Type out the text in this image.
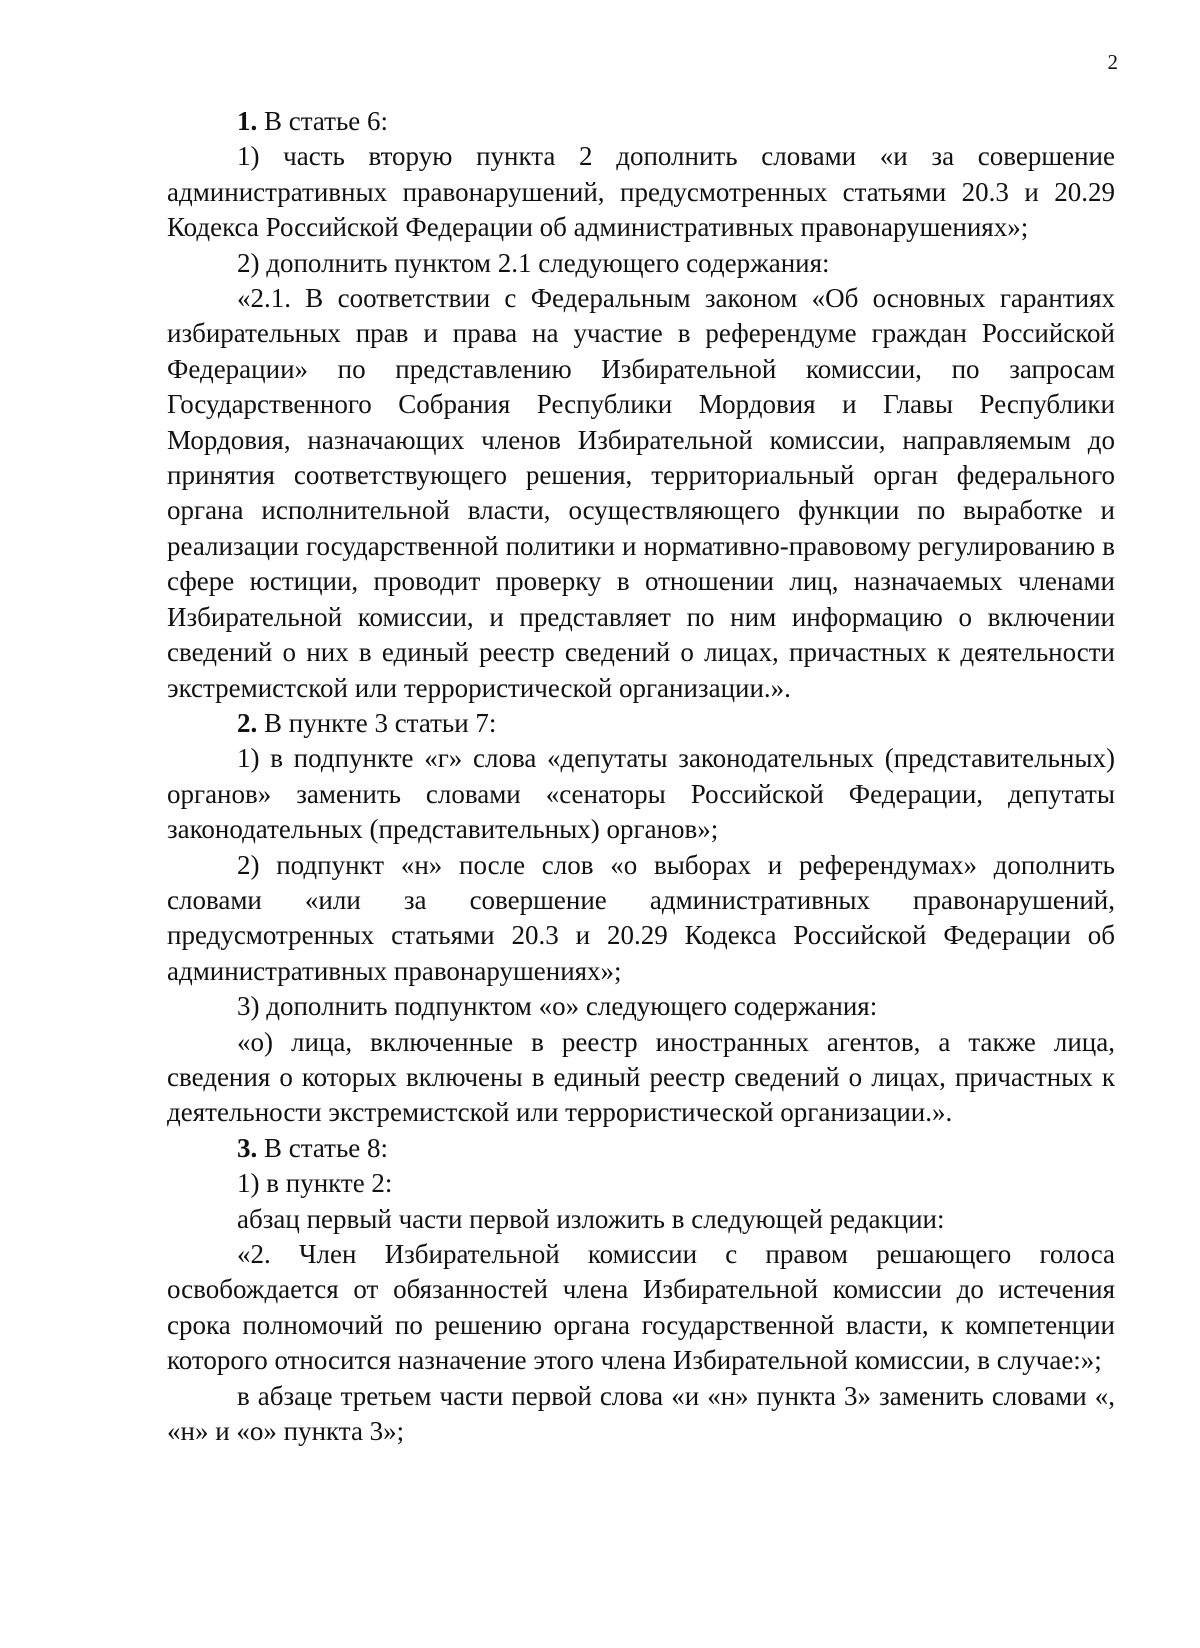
2

1. В статье 6:

1) часть вторую пункта 2 дополнить словами «и за совершение административных правонарушений, предусмотренных статьями 20.3 и 20.29 Кодекса Российской Федерации об административных правонарушениях»;

2) дополнить пунктом 2.1 следующего содержания:

«2.1. В соответствии с Федеральным законом «Об основных гарантиях избирательных прав и права на участие в референдуме граждан Российской Федерации» по представлению Избирательной комиссии, по запросам Государственного Собрания Республики Мордовия и Главы Республики Мордовия, назначающих членов Избирательной комиссии, направляемым до принятия соответствующего решения, территориальный орган федерального органа исполнительной власти, осуществляющего функции по выработке и реализации государственной политики и нормативно-правовому регулированию в сфере юстиции, проводит проверку в отношении лиц, назначаемых членами Избирательной комиссии, и представляет по ним информацию о включении сведений о них в единый реестр сведений о лицах, причастных к деятельности экстремистской или террористической организации.».

2. В пункте 3 статьи 7:

1) в подпункте «г» слова «депутаты законодательных (представительных) органов» заменить словами «сенаторы Российской Федерации, депутаты законодательных (представительных) органов»;

2) подпункт «н» после слов «о выборах и референдумах» дополнить словами «или за совершение административных правонарушений, предусмотренных статьями 20.3 и 20.29 Кодекса Российской Федерации об административных правонарушениях»;

3) дополнить подпунктом «о» следующего содержания:

«о) лица, включенные в реестр иностранных агентов, а также лица, сведения о которых включены в единый реестр сведений о лицах, причастных к деятельности экстремистской или террористической организации.».

3. В статье 8:

1) в пункте 2:

абзац первый части первой изложить в следующей редакции:

«2. Член Избирательной комиссии с правом решающего голоса освобождается от обязанностей члена Избирательной комиссии до истечения срока полномочий по решению органа государственной власти, к компетенции которого относится назначение этого члена Избирательной комиссии, в случае:»;

в абзаце третьем части первой слова «и «н» пункта 3» заменить словами «, «н» и «о» пункта 3»;
